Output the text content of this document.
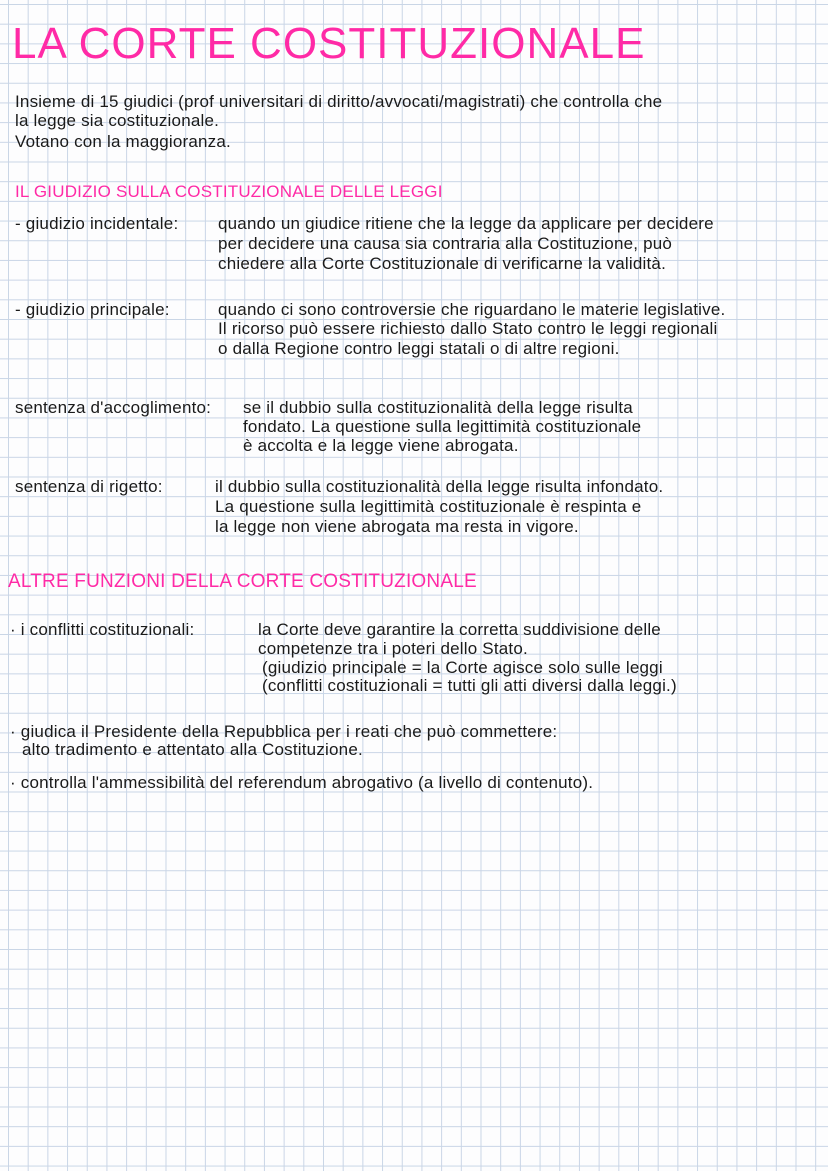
LA CORTE COSTITUZIONALE
Insieme di 15 giudici (prof universitari di diritto/avvocati/magistrati) che controlla che
la legge sia costituzionale.
Votano con la maggioranza.
IL GIUDIZIO SULLA COSTITUZIONALE DELLE LEGGI
- giudizio incidentale: quando un giudice ritiene che la legge da applicare per decidere
per decidere una causa sia contraria alla Costituzione, può
chiedere alla Corte Costituzionale di verificarne la validità.
- giudizio principale:	quando ci sono controversie che riguardano le materie legislative.
Il ricorso può essere richiesto dallo Stato contro le leggi regionali
o dalla Regione contro leggi statali o di altre regioni.
sentenza d'accoglimento: se il dubbio sulla costituzionalità della legge risulta
fondato. La questione sulla legittimità costituzionale
è accolta e la legge viene abrogata.
sentenza di rigetto:	il dubbio sulla costituzionalità della legge risulta infondato.
La questione sulla legittimità costituzionale è respinta e
la legge non viene abrogata ma resta in vigore.
ALTRE FUNZIONI DELLA CORTE COSTITUZIONALE
· i conflitti costituzionali:	la Corte deve garantire la corretta suddivisione delle
competenze tra i poteri dello Stato.
(giudizio principale = la Corte agisce solo sulle leggi
(conflitti costituzionali = tutti gli atti diversi dalla leggi.)
· giudica il Presidente della Repubblica per i reati che può commettere:
alto tradimento e attentato alla Costituzione.
· controlla l'ammessibilità del referendum abrogativo (a livello di contenuto).
